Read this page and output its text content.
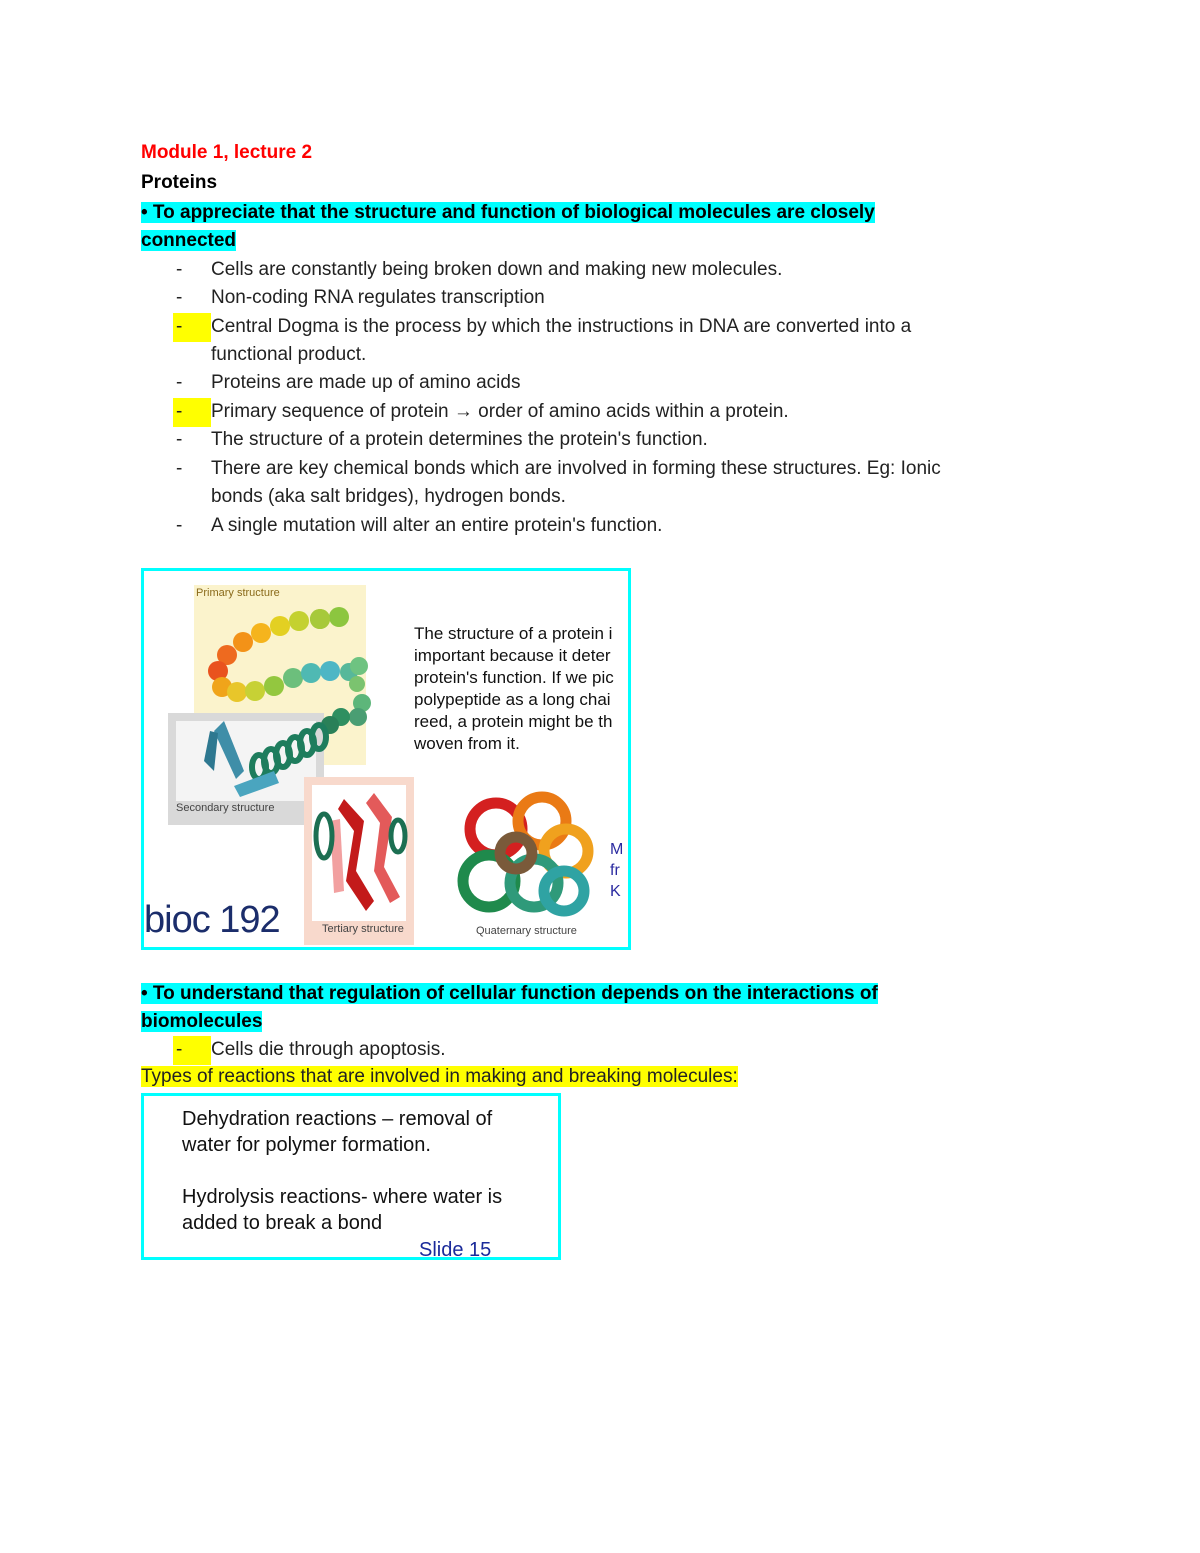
Module 1, lecture 2
Proteins
• To appreciate that the structure and function of biological molecules are closely
connected
-	Cells are constantly being broken down and making new molecules.
-	Non-coding RNA regulates transcription
-	Central Dogma is the process by which the instructions in DNA are converted into a
functional product.
-	Proteins are made up of amino acids
-	Primary sequence of protein → order of amino acids within a protein.
-	The structure of a protein determines the protein's function.
-	There are key chemical bonds which are involved in forming these structures. Eg: Ionic
bonds (aka salt bridges), hydrogen bonds.
-	A single mutation will alter an entire protein's function.
Primary structure
Secondary structure
Tertiary structure	Quaternary structure
The structure of a protein i
important because it deter
protein's function. If we pic
polypeptide as a long chai
reed, a protein might be th
woven from it.
M
fr
K
bioc 192
• To understand that regulation of cellular function depends on the interactions of
biomolecules
-	Cells die through apoptosis.
Types of reactions that are involved in making and breaking molecules:
Dehydration reactions – removal of
water for polymer formation.
Hydrolysis reactions- where water is
added to break a bond
Slide 15
